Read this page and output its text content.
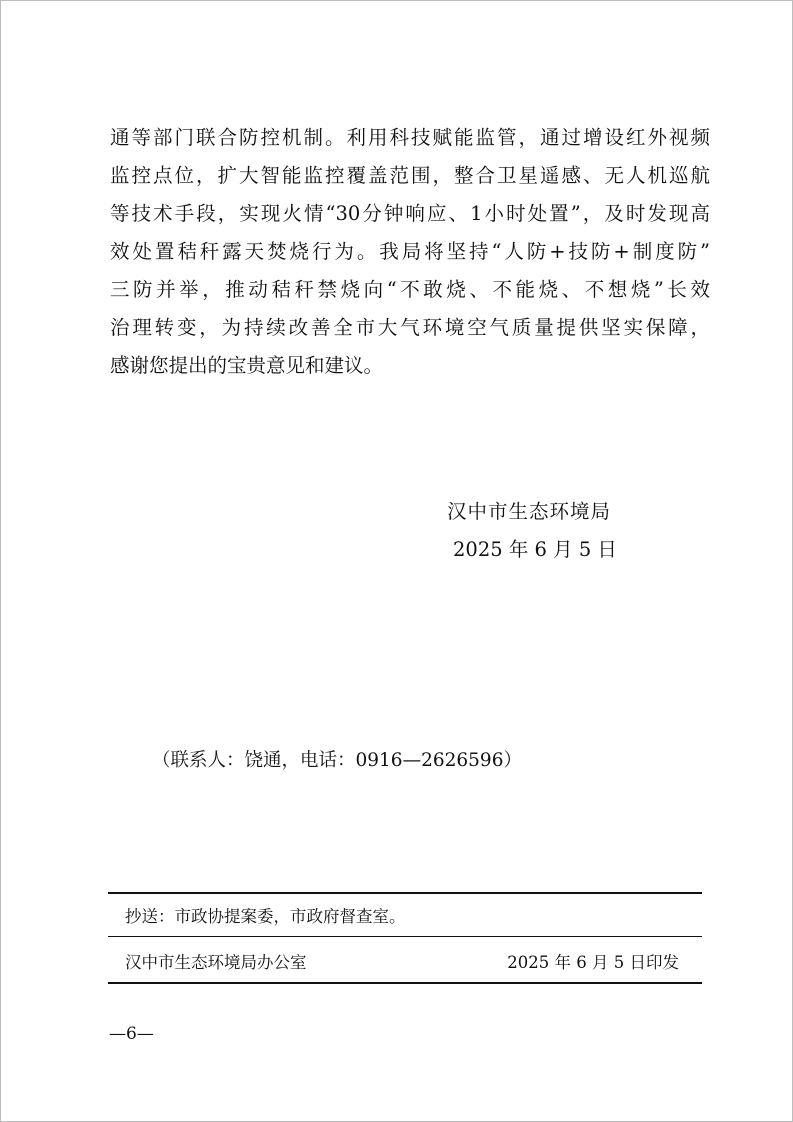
通等部门联合防控机制。利用科技赋能监管，通过增设红外视频
监控点位，扩大智能监控覆盖范围，整合卫星遥感、无人机巡航
等技术手段，实现火情“30分钟响应、1小时处置”，及时发现高
效处置秸秆露天焚烧行为。我局将坚持“人防+技防+制度防”
三防并举，推动秸秆禁烧向“不敢烧、不能烧、不想烧”长效
治理转变，为持续改善全市大气环境空气质量提供坚实保障，
感谢您提出的宝贵意见和建议。
汉中市生态环境局
2025 年 6 月 5 日
（联系人：饶通，电话：0916—2626596）
抄送：市政协提案委，市政府督查室。
汉中市生态环境局办公室	2025 年 6 月 5 日印发
—6—
